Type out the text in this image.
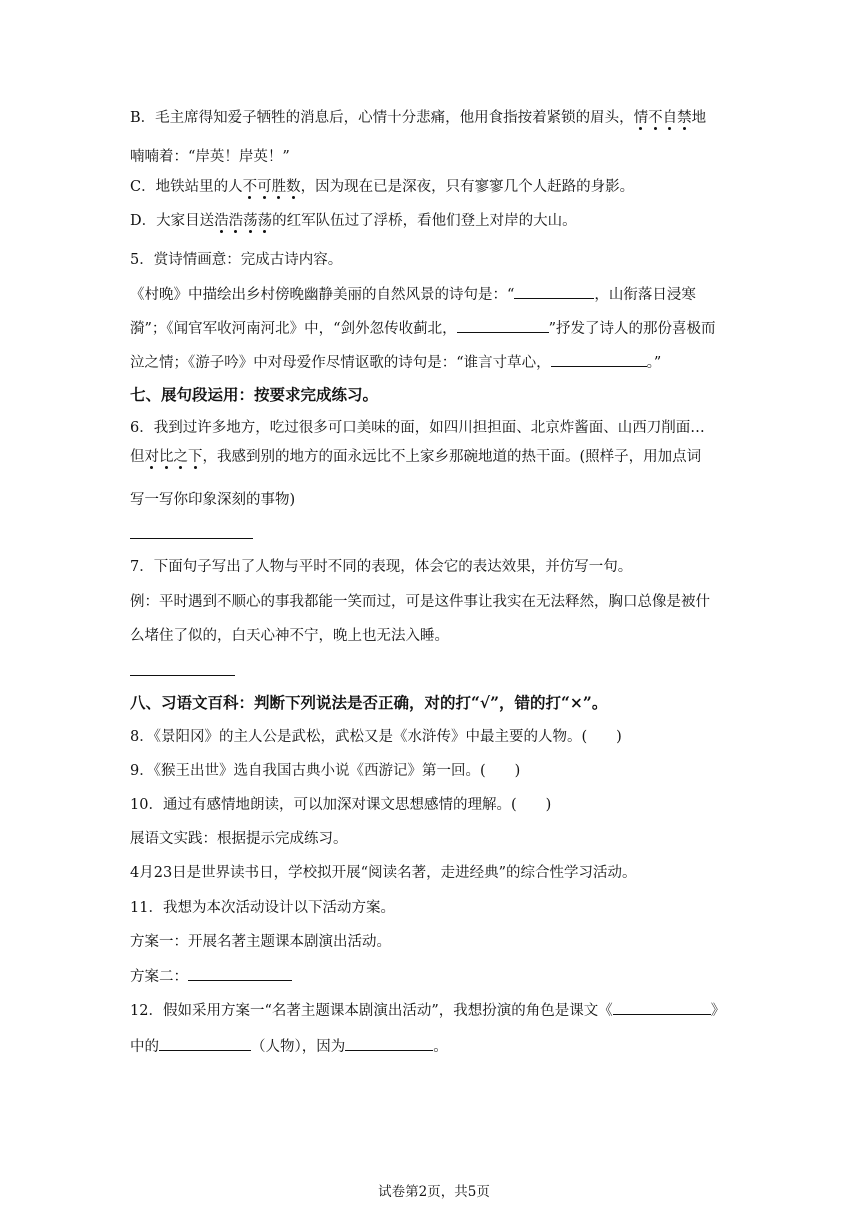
B．毛主席得知爱子牺牲的消息后，心情十分悲痛，他用食指按着紧锁的眉头，情不自禁地
喃喃着：“岸英！岸英！”
C．地铁站里的人不可胜数，因为现在已是深夜，只有寥寥几个人赶路的身影。
D．大家目送浩浩荡荡的红军队伍过了浮桥，看他们登上对岸的大山。
5．赏诗情画意：完成古诗内容。
《村晚》中描绘出乡村傍晚幽静美丽的自然风景的诗句是：“	，山衔落日浸寒
漪”；《闻官军收河南河北》中，“剑外忽传收蓟北，	”抒发了诗人的那份喜极而
泣之情；《游子吟》中对母爱作尽情讴歌的诗句是：“谁言寸草心，	。”
七、展句段运用：按要求完成练习。
6．我到过许多地方，吃过很多可口美味的面，如四川担担面、北京炸酱面、山西刀削面…
但对比之下，我感到别的地方的面永远比不上家乡那碗地道的热干面。(照样子，用加点词
写一写你印象深刻的事物)
7．下面句子写出了人物与平时不同的表现，体会它的表达效果，并仿写一句。
例：平时遇到不顺心的事我都能一笑而过，可是这件事让我实在无法释然，胸口总像是被什
么堵住了似的，白天心神不宁，晚上也无法入睡。
八、习语文百科：判断下列说法是否正确，对的打“√”，错的打“×”。
8．《景阳冈》的主人公是武松，武松又是《水浒传》中最主要的人物。(　　)
9．《猴王出世》选自我国古典小说《西游记》第一回。(　　)
10．通过有感情地朗读，可以加深对课文思想感情的理解。(　　)
展语文实践：根据提示完成练习。
4月23日是世界读书日，学校拟开展“阅读名著，走进经典”的综合性学习活动。
11．我想为本次活动设计以下活动方案。
方案一：开展名著主题课本剧演出活动。
方案二：
12．假如采用方案一“名著主题课本剧演出活动”，我想扮演的角色是课文《	》
中的	（人物），因为	。
试卷第2页，共5页
